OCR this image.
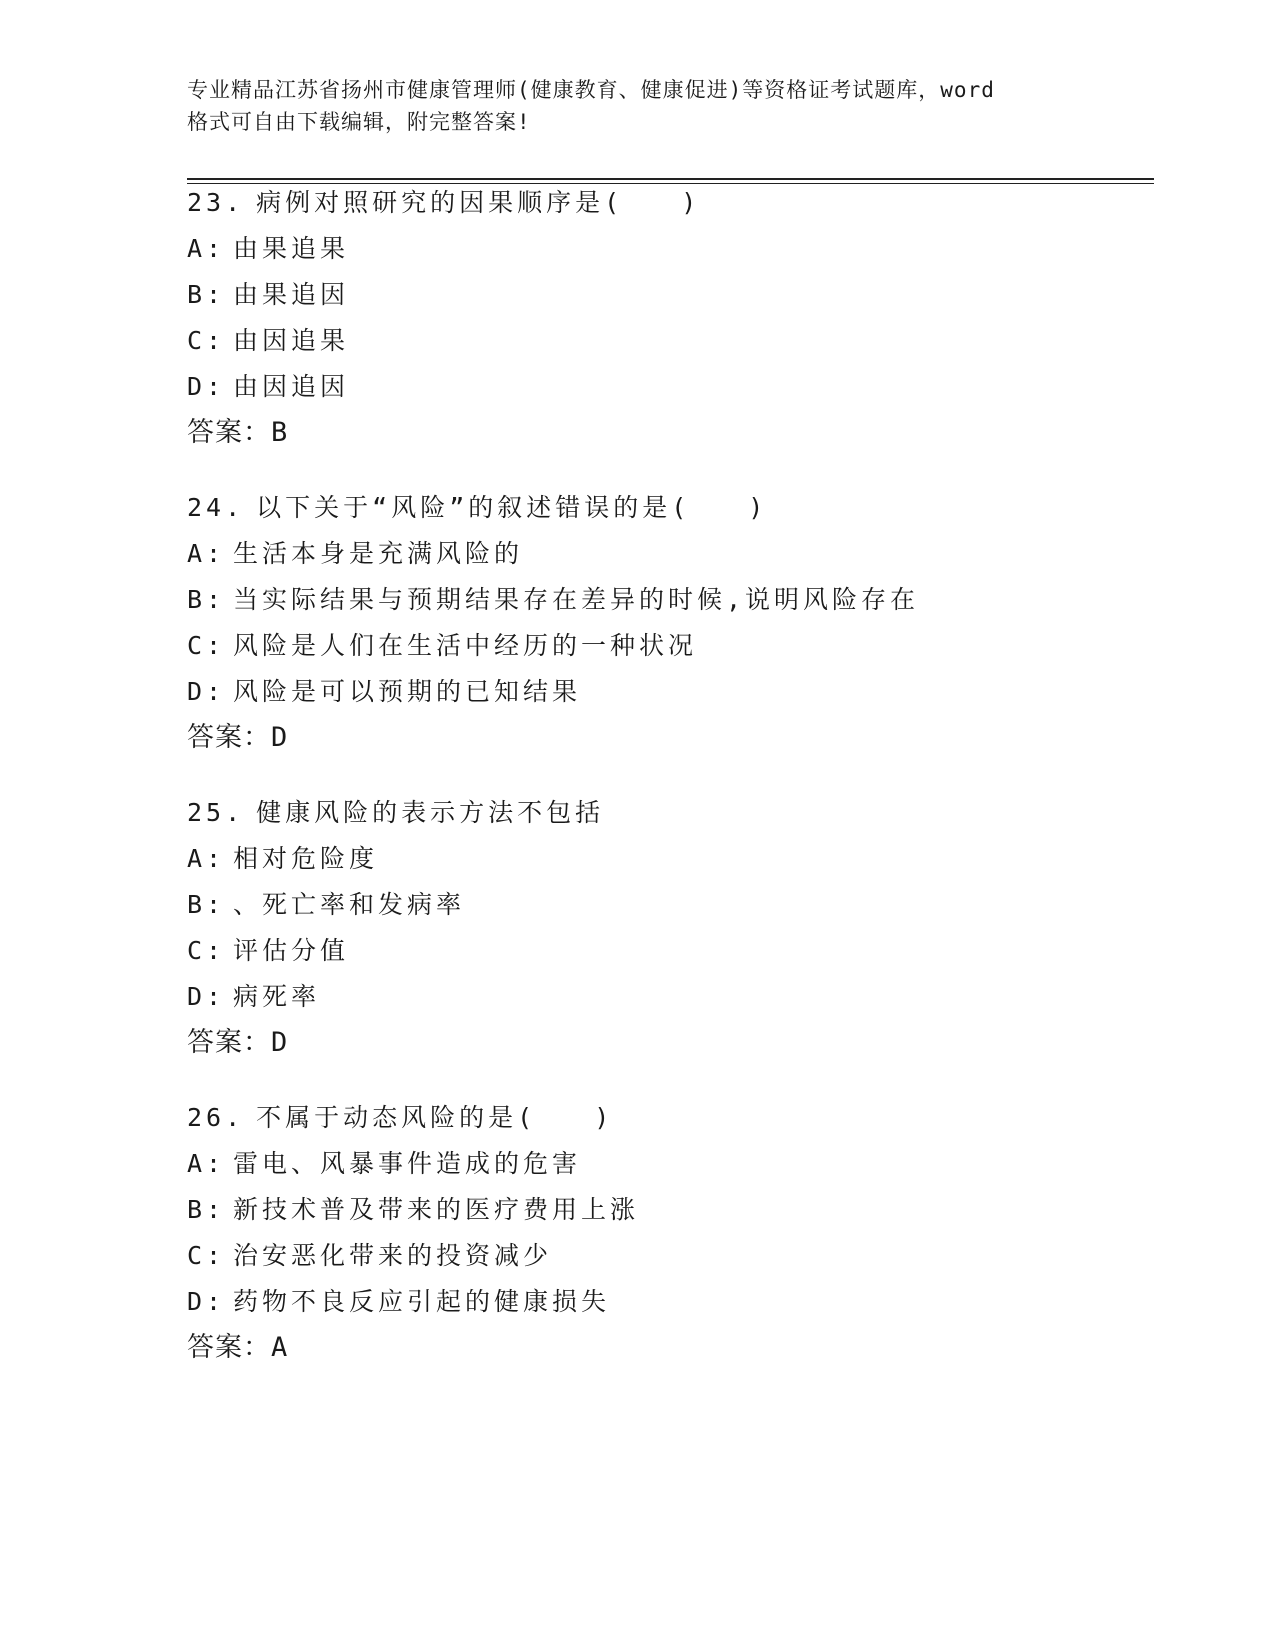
专业精品江苏省扬州市健康管理师(健康教育、健康促进)等资格证考试题库，word
格式可自由下载编辑，附完整答案!
23. 病例对照研究的因果顺序是(　　)
A: 由果追果
B: 由果追因
C: 由因追果
D: 由因追因
答案：B
24. 以下关于“风险”的叙述错误的是(　　)
A: 生活本身是充满风险的
B: 当实际结果与预期结果存在差异的时候,说明风险存在
C: 风险是人们在生活中经历的一种状况
D: 风险是可以预期的已知结果
答案：D
25. 健康风险的表示方法不包括
A: 相对危险度
B: 、死亡率和发病率
C: 评估分值
D: 病死率
答案：D
26. 不属于动态风险的是(　　)
A: 雷电、风暴事件造成的危害
B: 新技术普及带来的医疗费用上涨
C: 治安恶化带来的投资减少
D: 药物不良反应引起的健康损失
答案：A
